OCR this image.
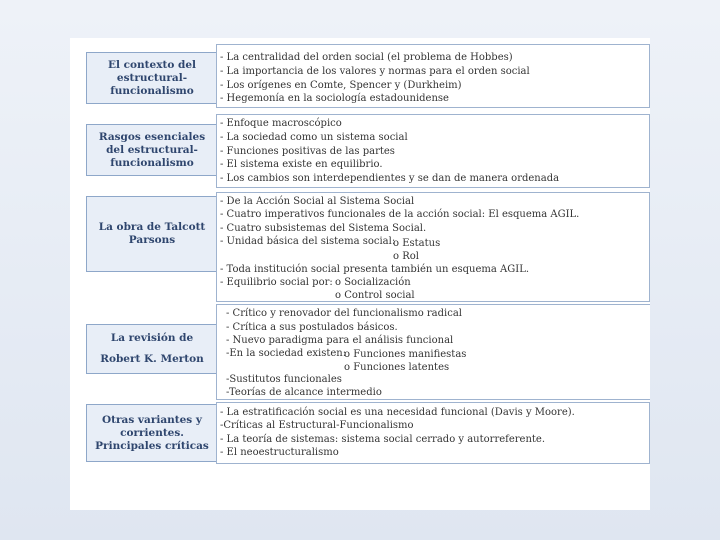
El contexto del
estructural-
funcionalismo
- La centralidad del orden social (el problema de Hobbes)
- La importancia de los valores y normas para el orden social
- Los orígenes en Comte, Spencer y (Durkheim)
- Hegemonía en la sociología estadounidense
Rasgos esenciales
del estructural-
funcionalismo
- Enfoque macroscópico
- La sociedad como un sistema social
- Funciones positivas de las partes
- El sistema existe en equilibrio.
- Los cambios son interdependientes y se dan de manera ordenada
La obra de Talcott
Parsons
- De la Acción Social al Sistema Social
- Cuatro imperativos funcionales de la acción social: El esquema AGIL.
- Cuatro subsistemas del Sistema Social.
- Unidad básica del sistema social:
o Estatus
o Rol
- Toda institución social presenta también un esquema AGIL.
- Equilibrio social por: o Socialización
o Control social
La revisión de
Robert K. Merton
- Crítico y renovador del funcionalismo radical
- Crítica a sus postulados básicos.
- Nuevo paradigma para el análisis funcional
-En la sociedad existen:
o Funciones manifiestas
o Funciones latentes
-Sustitutos funcionales
-Teorías de alcance intermedio
Otras variantes y
corrientes.
Principales críticas
- La estratificación social es una necesidad funcional (Davis y Moore).
-Críticas al Estructural-Funcionalismo
- La teoría de sistemas: sistema social cerrado y autorreferente.
- El neoestructuralismo
